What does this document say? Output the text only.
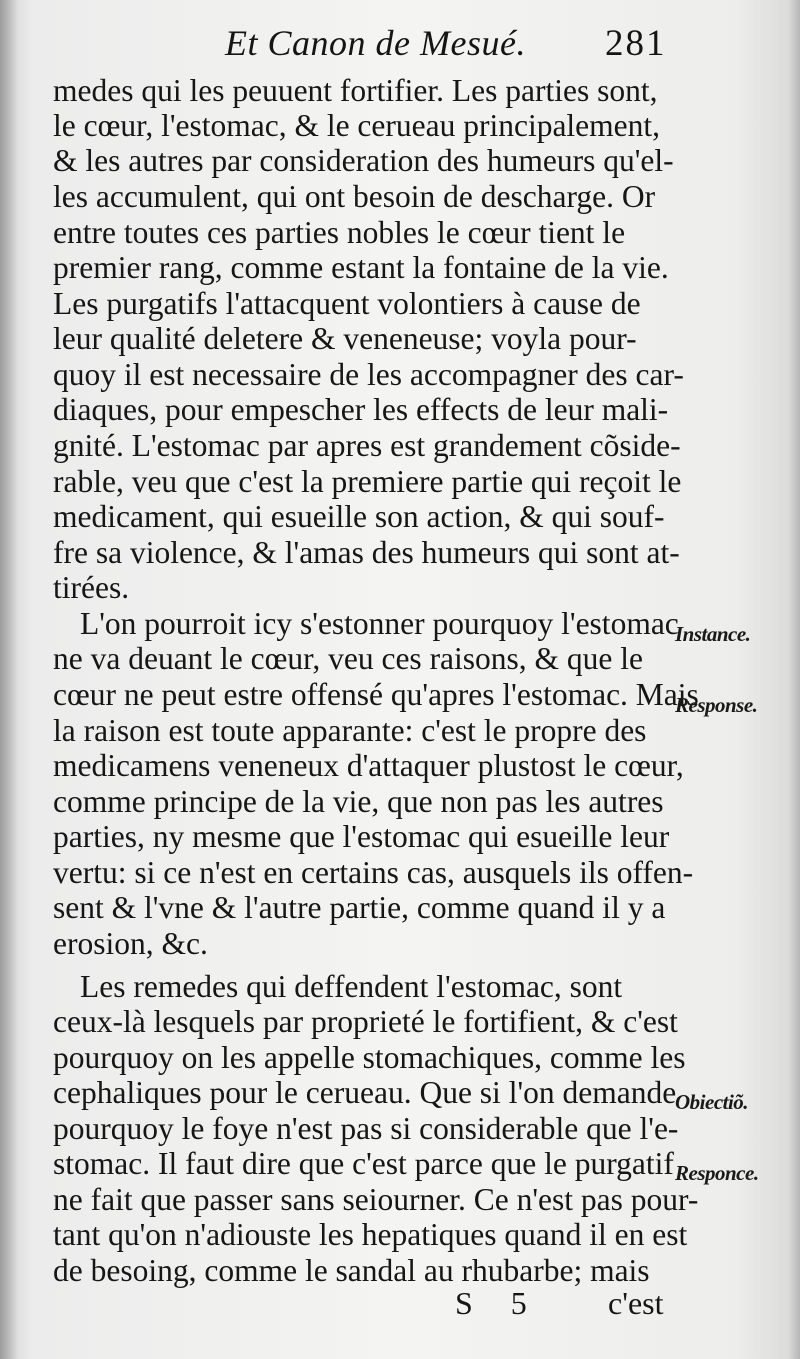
Et Canon de Mesué. 281
medes qui les peuuent fortifier. Les parties sont,
le cœur, l'estomac, & le cerueau principalement,
& les autres par consideration des humeurs qu'el-
les accumulent, qui ont besoin de descharge. Or
entre toutes ces parties nobles le cœur tient le
premier rang, comme estant la fontaine de la vie.
Les purgatifs l'attacquent volontiers à cause de
leur qualité deletere & veneneuse; voyla pour-
quoy il est necessaire de les accompagner des car-
diaques, pour empescher les effects de leur mali-
gnité. L'estomac par apres est grandement cõside-
rable, veu que c'est la premiere partie qui reçoit le
medicament, qui esueille son action, & qui souf-
fre sa violence, & l'amas des humeurs qui sont at-
tirées.
L'on pourroit icy s'estonner pourquoy l'estomac
ne va deuant le cœur, veu ces raisons, & que le
cœur ne peut estre offensé qu'apres l'estomac. Mais
la raison est toute apparante: c'est le propre des
medicamens veneneux d'attaquer plustost le cœur,
comme principe de la vie, que non pas les autres
parties, ny mesme que l'estomac qui esueille leur
vertu: si ce n'est en certains cas, ausquels ils offen-
sent & l'vne & l'autre partie, comme quand il y a
erosion, &c.
Les remedes qui deffendent l'estomac, sont
ceux-là lesquels par proprieté le fortifient, & c'est
pourquoy on les appelle stomachiques, comme les
cephaliques pour le cerueau. Que si l'on demande
pourquoy le foye n'est pas si considerable que l'e-
stomac. Il faut dire que c'est parce que le purgatif
ne fait que passer sans seiourner. Ce n'est pas pour-
tant qu'on n'adiouste les hepatiques quand il en est
de besoing, comme le sandal au rhubarbe; mais
Instance.
Response.
Obiectiõ.
Responce.
S 5	c'est
